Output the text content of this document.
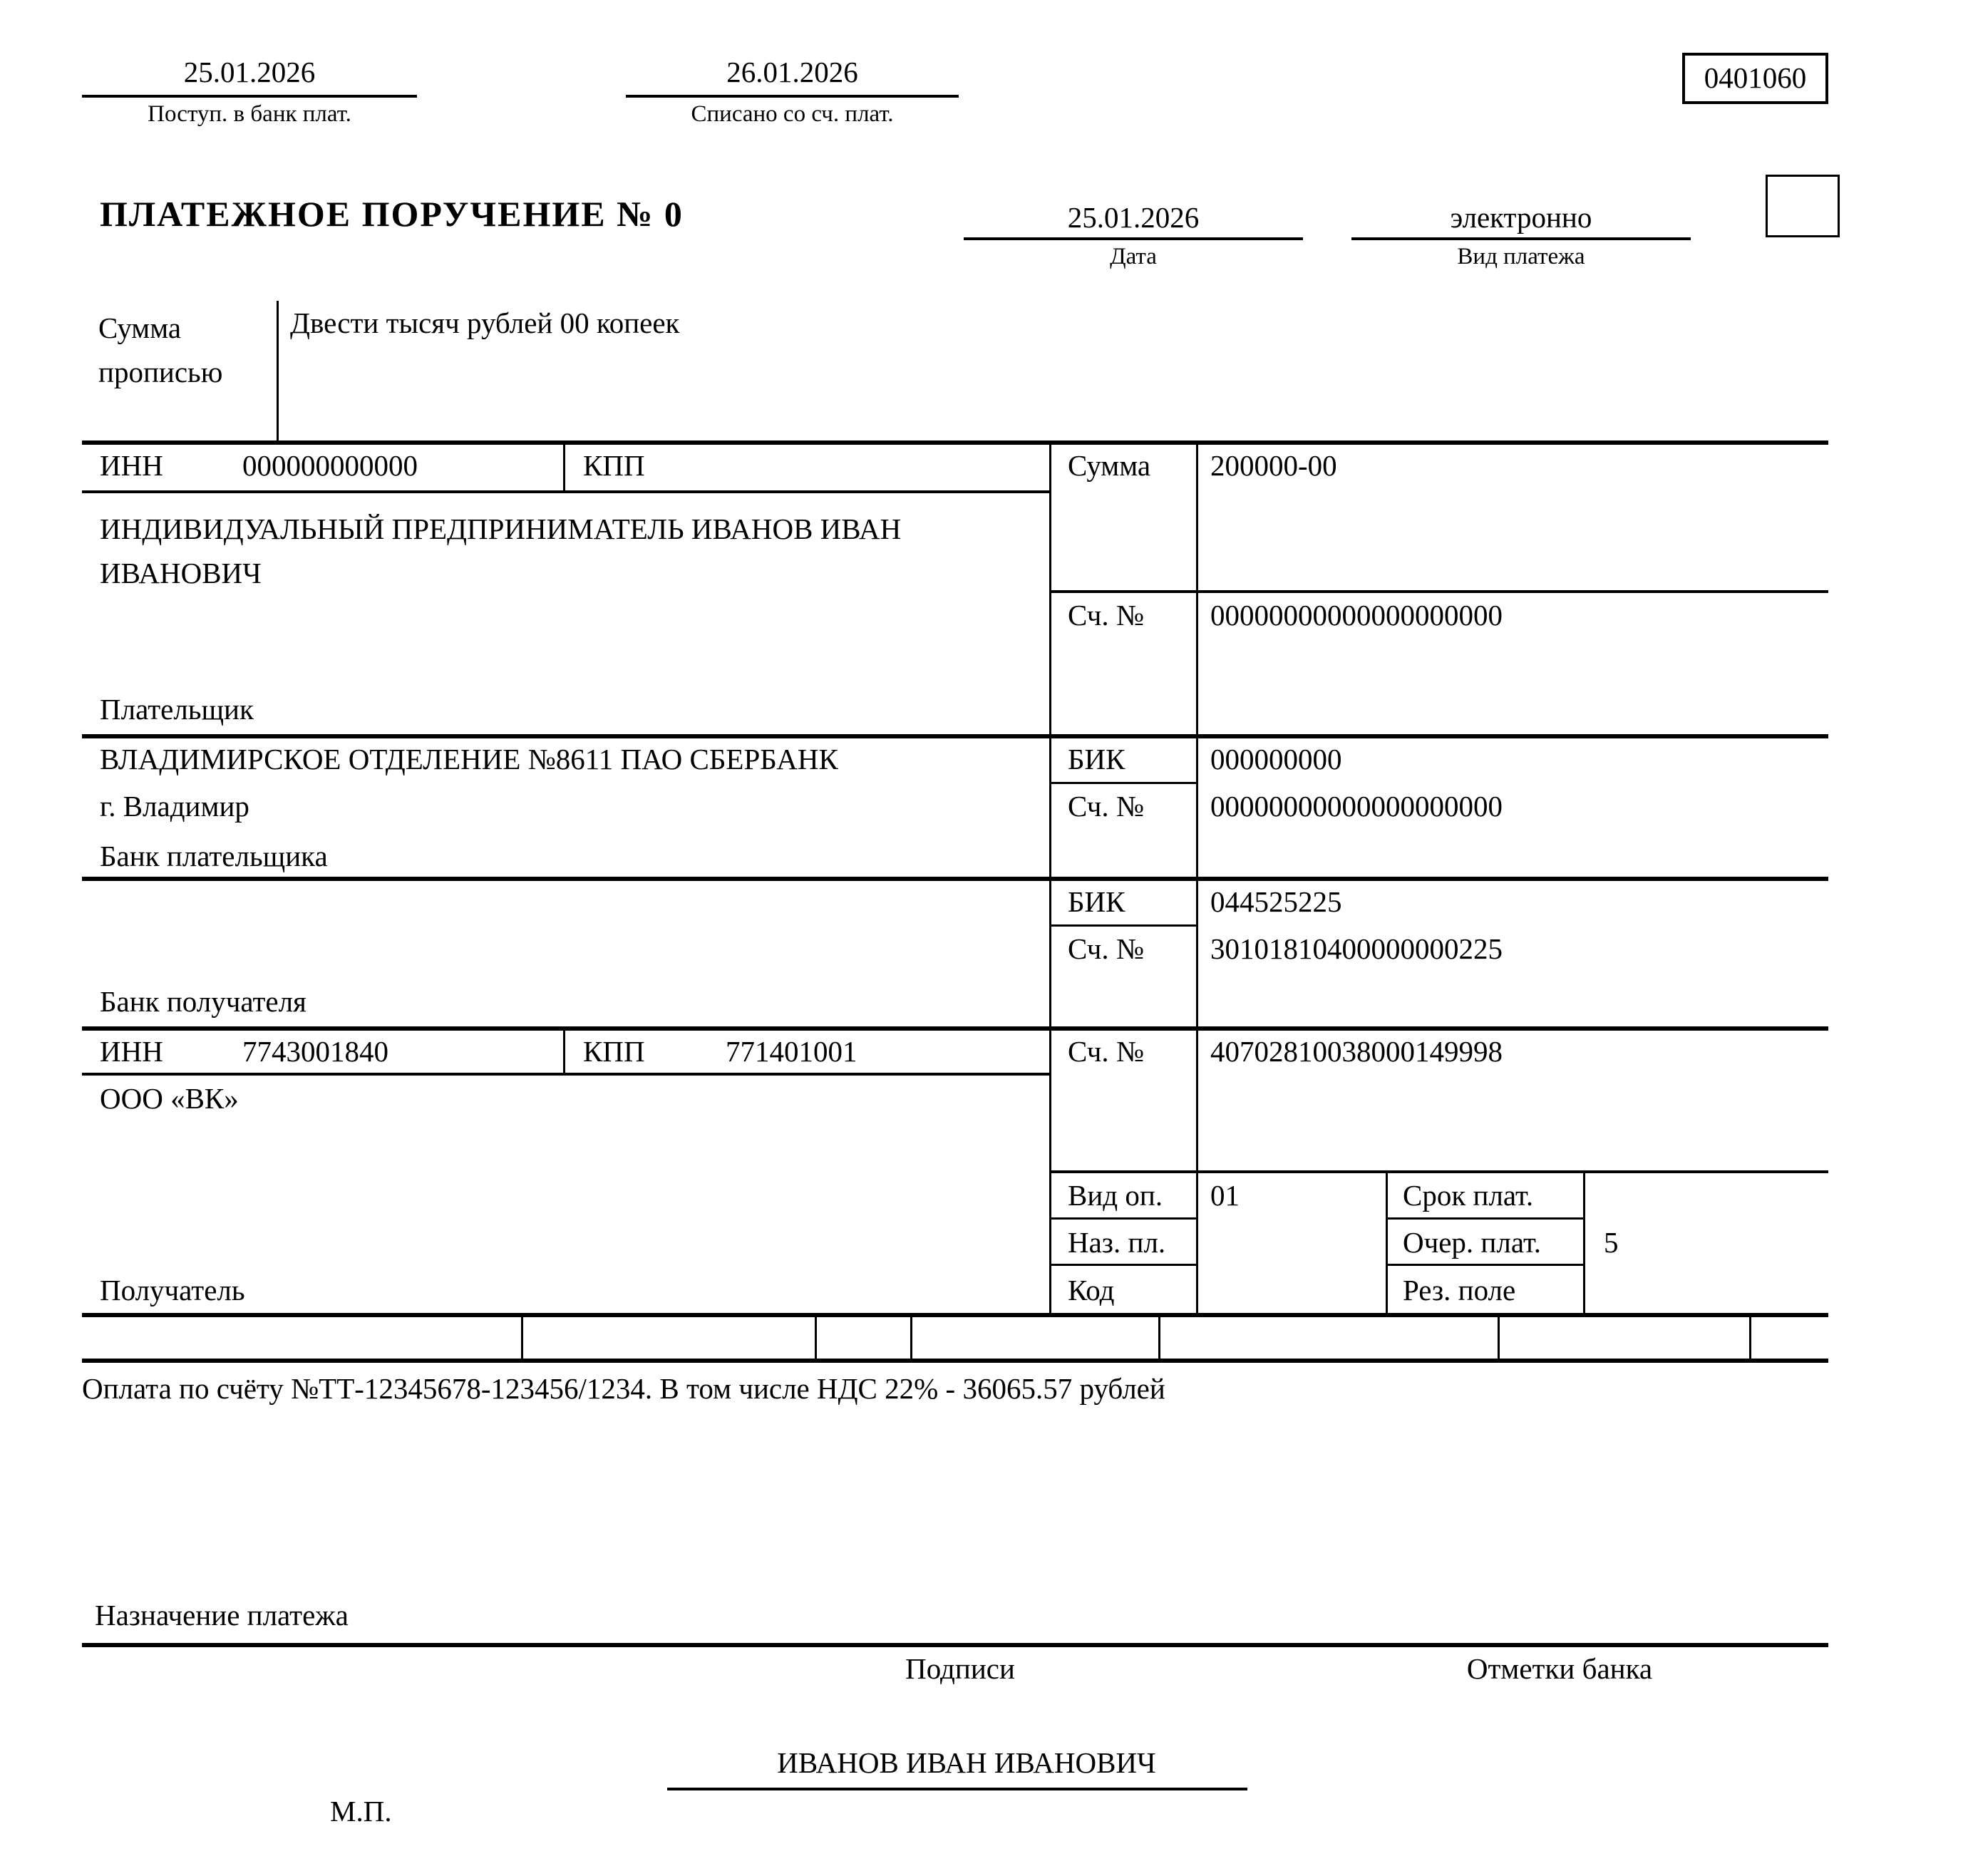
25.01.2026
Поступ. в банк плат.
26.01.2026
Списано со сч. плат.
0401060
ПЛАТЕЖНОЕ ПОРУЧЕНИЕ № 0	25.01.2026
Дата
электронно
Вид платежа
Сумма прописью
Двести тысяч рублей 00 копеек
ИНН	000000000000	КПП
ИНДИВИДУАЛЬНЫЙ ПРЕДПРИНИМАТЕЛЬ ИВАНОВ ИВАН ИВАНОВИЧ
Плательщик
Сумма 200000-00
Сч. № 00000000000000000000
ВЛАДИМИРСКОЕ ОТДЕЛЕНИЕ №8611 ПАО СБЕРБАНК
г. Владимир
Банк плательщика
БИК	000000000
Сч. № 00000000000000000000
Банк получателя
БИК	044525225
Сч. № 30101810400000000225
ИНН	7743001840	КПП	771401001
ООО «ВК»
Получатель
Сч. № 40702810038000149998
Вид оп. 01	Срок плат.
Наз. пл.	Очер. плат. 5
Код	Рез. поле
Оплата по счёту №ТТ-12345678-123456/1234. В том числе НДС 22% - 36065.57 рублей
Назначение платежа
Подписи	Отметки банка
ИВАНОВ ИВАН ИВАНОВИЧ
М.П.
